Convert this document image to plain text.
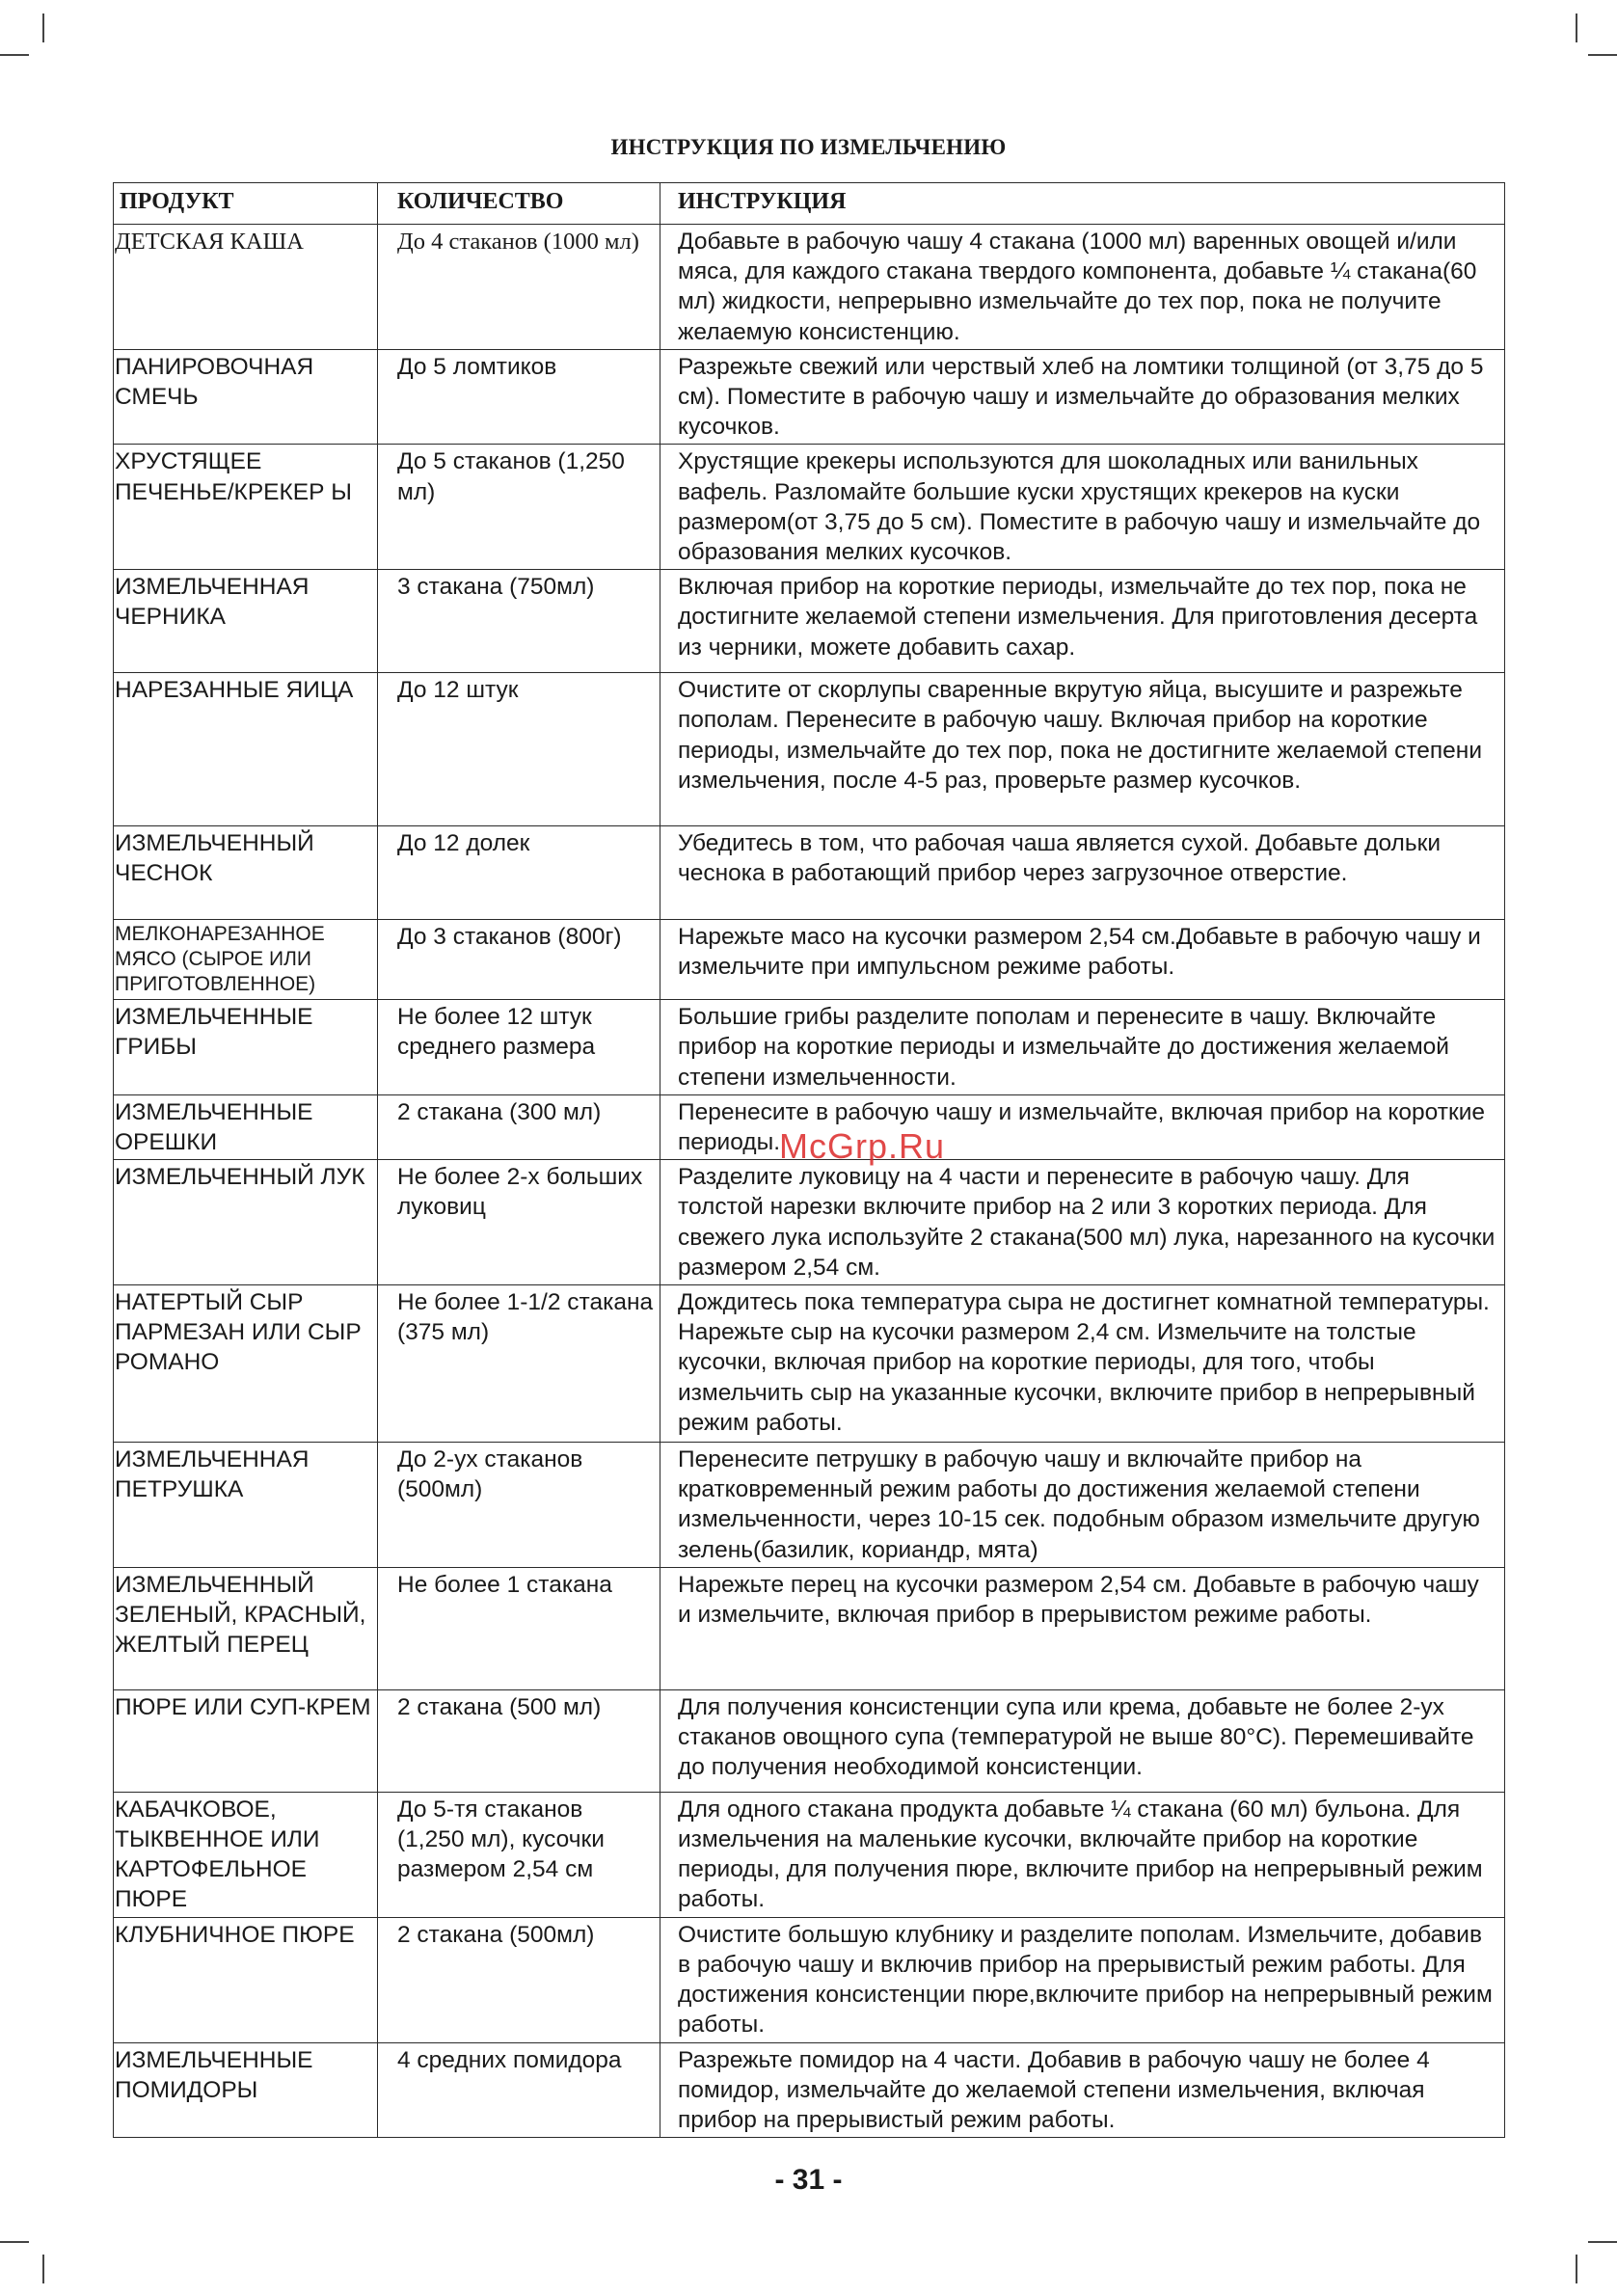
ИНСТРУКЦИЯ ПО ИЗМЕЛЬЧЕНИЮ
ПРОДУКТ	КОЛИЧЕСТВО	ИНСТРУКЦИЯ
ДЕТСКАЯ КАША	До 4 стаканов (1000 мл)	Добавьте в рабочую чашу 4 стакана (1000 мл) варенных овощей и/или мяса, для каждого стакана твердого компонента, добавьте ¼ стакана(60 мл) жидкости, непрерывно измельчайте до тех пор, пока не получите желаемую консистенцию.
ПАНИРОВОЧНАЯ СМЕЧЬ	До 5 ломтиков	Разрежьте свежий или черствый хлеб на ломтики толщиной (от 3,75 до 5 см). Поместите в рабочую чашу и измельчайте до образования мелких кусочков.
ХРУСТЯЩЕЕ ПЕЧЕНЬЕ/КРЕКЕР Ы	До 5 стаканов (1,250 мл)	Хрустящие крекеры используются для шоколадных или ванильных вафель. Разломайте большие куски хрустящих крекеров на куски размером(от 3,75 до 5 см). Поместите в рабочую чашу и измельчайте до образования мелких кусочков.
ИЗМЕЛЬЧЕННАЯ ЧЕРНИКА	3 стакана (750мл)	Включая прибор на короткие периоды, измельчайте до тех пор, пока не достигните желаемой степени измельчения. Для приготовления десерта из черники, можете добавить сахар.
НАРЕЗАННЫЕ ЯИЦА	До 12 штук	Очистите от скорлупы сваренные вкрутую яйца, высушите и разрежьте пополам. Перенесите в рабочую чашу. Включая прибор на короткие периоды, измельчайте до тех пор, пока не достигните желаемой степени измельчения, после 4-5 раз, проверьте размер кусочков.
ИЗМЕЛЬЧЕННЫЙ ЧЕСНОК	До 12 долек	Убедитесь в том, что рабочая чаша является сухой. Добавьте дольки чеснока в работающий прибор через загрузочное отверстие.
МЕЛКОНАРЕЗАННОЕ МЯСО (СЫРОЕ ИЛИ ПРИГОТОВЛЕННОЕ)	До 3 стаканов (800г)	Нарежьте масо на кусочки размером 2,54 см.Добавьте в рабочую чашу и измельчите при импульсном режиме работы.
ИЗМЕЛЬЧЕННЫЕ ГРИБЫ	Не более 12 штук среднего размера	Большие грибы разделите пополам и перенесите в чашу. Включайте прибор на короткие периоды и измельчайте до достижения желаемой степени измельченности.
ИЗМЕЛЬЧЕННЫЕ ОРЕШКИ	2 стакана (300 мл)	Перенесите в рабочую чашу и измельчайте, включая прибор на короткие периоды.
ИЗМЕЛЬЧЕННЫЙ ЛУК	Не более 2-х больших луковиц	Разделите луковицу на 4 части и перенесите в рабочую чашу. Для толстой нарезки включите прибор на 2 или 3 коротких периода. Для свежего лука используйте 2 стакана(500 мл) лука, нарезанного на кусочки размером 2,54 см.
НАТЕРТЫЙ СЫР ПАРМЕЗАН ИЛИ СЫР РОМАНО	Не более 1-1/2 стакана (375 мл)	Дождитесь пока температура сыра не достигнет комнатной температуры. Нарежьте сыр на кусочки размером 2,4 см. Измельчите на толстые кусочки, включая прибор на короткие периоды, для того, чтобы измельчить сыр на указанные кусочки, включите прибор в непрерывный режим работы.
ИЗМЕЛЬЧЕННАЯ ПЕТРУШКА	До 2-ух стаканов (500мл)	Перенесите петрушку в рабочую чашу и включайте прибор на кратковременный режим работы до достижения желаемой степени измельченности, через 10-15 сек. подобным образом измельчите другую зелень(базилик, кориандр, мята)
ИЗМЕЛЬЧЕННЫЙ ЗЕЛЕНЫЙ, КРАСНЫЙ, ЖЕЛТЫЙ ПЕРЕЦ	Не более 1 стакана	Нарежьте перец на кусочки размером 2,54 см. Добавьте в рабочую чашу и измельчите, включая прибор в прерывистом режиме работы.
ПЮРЕ ИЛИ СУП-КРЕМ	2 стакана (500 мл)	Для получения консистенции супа или крема, добавьте не более 2-ух стаканов овощного супа (температурой не выше 80°С). Перемешивайте до получения необходимой консистенции.
КАБАЧКОВОЕ, ТЫКВЕННОЕ ИЛИ КАРТОФЕЛЬНОЕ ПЮРЕ	До 5-тя стаканов (1,250 мл), кусочки размером 2,54 см	Для одного стакана продукта добавьте ¼ стакана (60 мл) бульона. Для измельчения на маленькие кусочки, включайте прибор на короткие периоды, для получения пюре, включите прибор на непрерывный режим работы.
КЛУБНИЧНОЕ ПЮРЕ	2 стакана (500мл)	Очистите большую клубнику и разделите пополам. Измельчите, добавив в рабочую чашу и включив прибор на прерывистый режим работы. Для достижения консистенции пюре,включите прибор на непрерывный режим работы.
ИЗМЕЛЬЧЕННЫЕ ПОМИДОРЫ	4 средних помидора	Разрежьте помидор на 4 части. Добавив в рабочую чашу не более 4 помидор, измельчайте до желаемой степени измельчения, включая прибор на прерывистый режим работы.
McGrp.Ru
- 31 -
